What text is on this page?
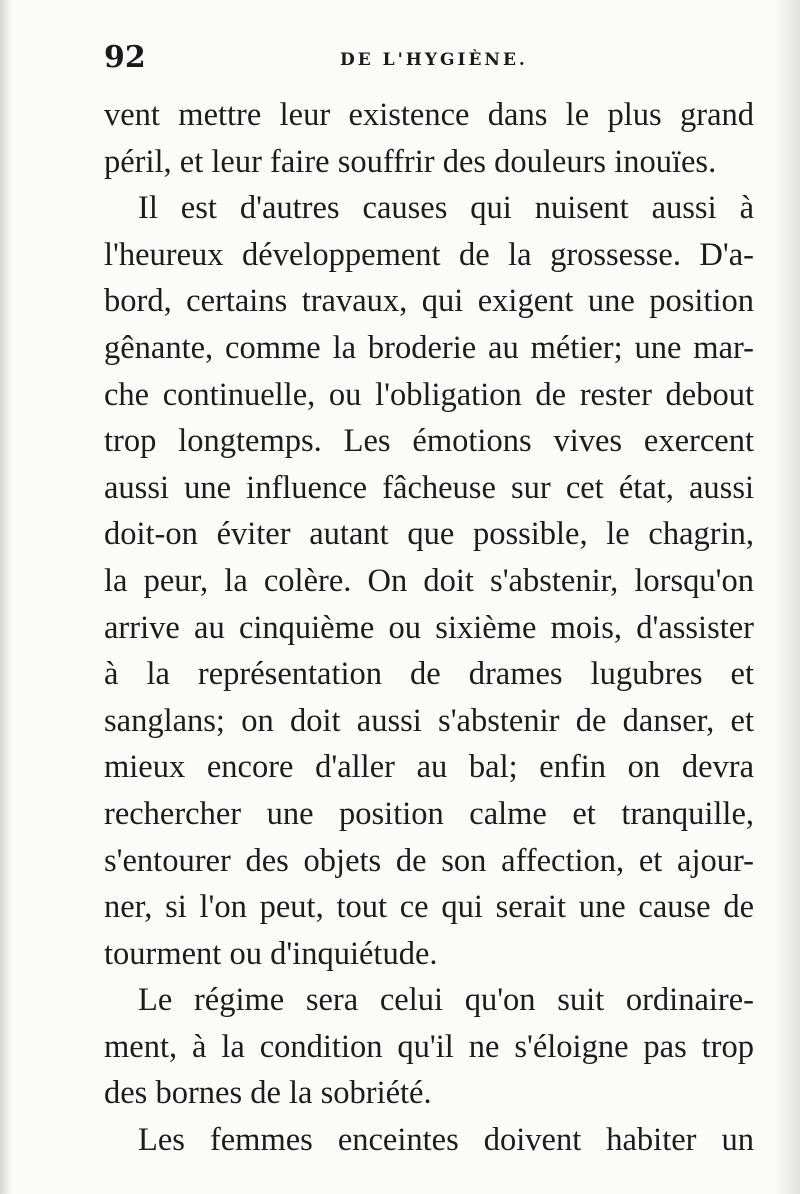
92	DE L'HYGIÈNE.
vent mettre leur existence dans le plus grand
péril, et leur faire souffrir des douleurs inouïes.
Il est d'autres causes qui nuisent aussi à
l'heureux développement de la grossesse. D'a-
bord, certains travaux, qui exigent une position
gênante, comme la broderie au métier; une mar-
che continuelle, ou l'obligation de rester debout
trop longtemps. Les émotions vives exercent
aussi une influence fâcheuse sur cet état, aussi
doit-on éviter autant que possible, le chagrin,
la peur, la colère. On doit s'abstenir, lorsqu'on
arrive au cinquième ou sixième mois, d'assister
à la représentation de drames lugubres et
sanglans; on doit aussi s'abstenir de danser, et
mieux encore d'aller au bal; enfin on devra
rechercher une position calme et tranquille,
s'entourer des objets de son affection, et ajour-
ner, si l'on peut, tout ce qui serait une cause de
tourment ou d'inquiétude.
Le régime sera celui qu'on suit ordinaire-
ment, à la condition qu'il ne s'éloigne pas trop
des bornes de la sobriété.
Les femmes enceintes doivent habiter un
